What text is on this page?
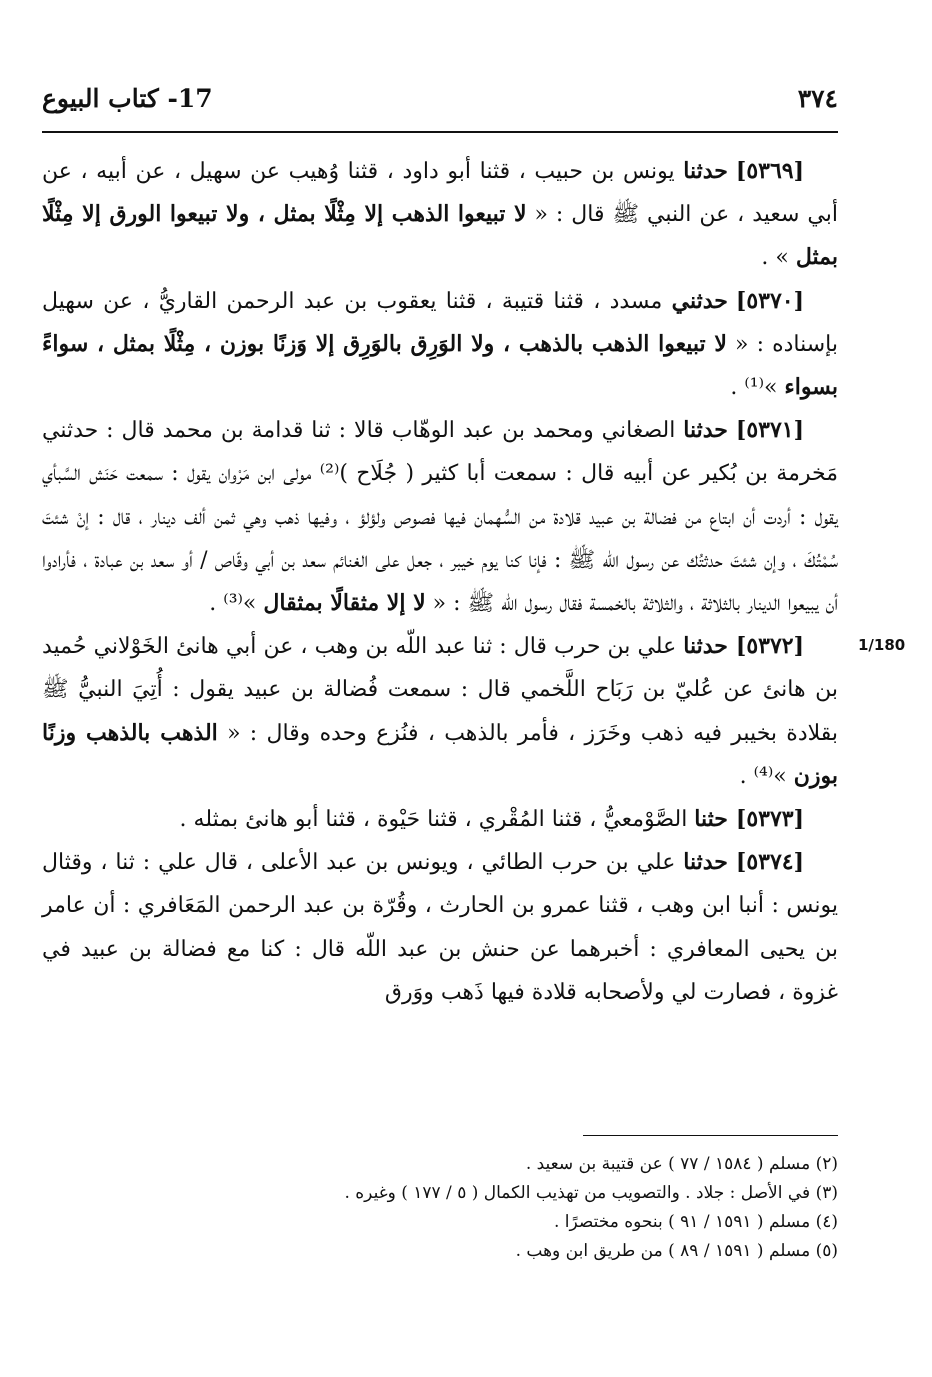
٣٧٤
17- كتاب البيوع
1/180

[٥٣٦٩]حدثنا يونس بن حبيب ، قثنا أبو داود ، قثنا وُهيب عن سهيل ، عن أبيه ، عن أبي سعيد ، عن النبي ﷺ قال : « لا تبيعوا الذهب إلا مِثْلًا بمثل ، ولا تبيعوا الورق إلا مِثْلًا بمثل » .

[٥٣٧٠]حدثني مسدد ، قثنا قتيبة ، قثنا يعقوب بن عبد الرحمن القاريُّ ، عن سهيل بإسناده : « لا تبيعوا الذهب بالذهب ، ولا الوَرِق بالوَرِق إلا وَزنًا بوزن ، مِثْلًا بمثل ، سواءً بسواء »⁽¹⁾ .

[٥٣٧١]حدثنا الصغاني ومحمد بن عبد الوهّاب قالا : ثنا قدامة بن محمد قال : حدثني مَخرمة بن بُكير عن أبيه قال : سمعت أبا كثير ( جُلَاح )⁽²⁾ مولى ابن مَرْوان يقول : سمعت حَنَش السَّبأي يقول : أردت أن ابتاع من فضالة بن عبيد قلادة من السُّهمان فيها فصوص ولؤلؤ ، وفيها ذهب وهي ثمن ألف دينار ، قال : إنْ شئتَ سُمْتُكَ ، وإن شئتَ حدثتُك عن رسول اللّه ﷺ : فإنا كنا يوم خيبر ، جعل على الغنائم سعد بن أبي وقّاص / أو سعد بن عبادة ، فأرادوا أن يبيعوا الدينار بالثلاثة ، والثلاثة بالخمسة فقال رسول اللّه ﷺ : « لا إلا مثقالًا بمثقال »⁽³⁾ .

[٥٣٧٢]حدثنا علي بن حرب قال : ثنا عبد اللّه بن وهب ، عن أبي هانئ الخَوْلاني حُميد بن هانئ عن عُليّ بن رَبَاح اللَّخمي قال : سمعت فُضالة بن عبيد يقول : أُتِيَ النبيُّ ﷺ بقلادة بخيبر فيه ذهب وخَرَز ، فأمر بالذهب ، فنُزع وحده وقال : « الذهب بالذهب وزنًا بوزن »⁽⁴⁾ .

[٥٣٧٣]حثنا الصَّوْمعيُّ ، قثنا المُقْري ، قثنا حَيْوة ، قثنا أبو هانئ بمثله .

[٥٣٧٤]حدثنا علي بن حرب الطائي ، ويونس بن عبد الأعلى ، قال علي : ثنا ، وقثال يونس : أنبا ابن وهب ، قثنا عمرو بن الحارث ، وقُرّة بن عبد الرحمن المَعَافري : أن عامر بن يحيى المعافري : أخبرهما عن حنش بن عبد اللّه قال : كنا مع فضالة بن عبيد في غزوة ، فصارت لي ولأصحابه قلادة فيها ذَهب ووَرق

(٢) مسلم ( ١٥٨٤ / ٧٧ ) عن قتيبة بن سعيد .

(٣) في الأصل : جلاد . والتصويب من تهذيب الكمال ( ٥ / ١٧٧ ) وغيره .

(٤) مسلم ( ١٥٩١ / ٩١ ) بنحوه مختصرًا .

(٥) مسلم ( ١٥٩١ / ٨٩ ) من طريق ابن وهب .
